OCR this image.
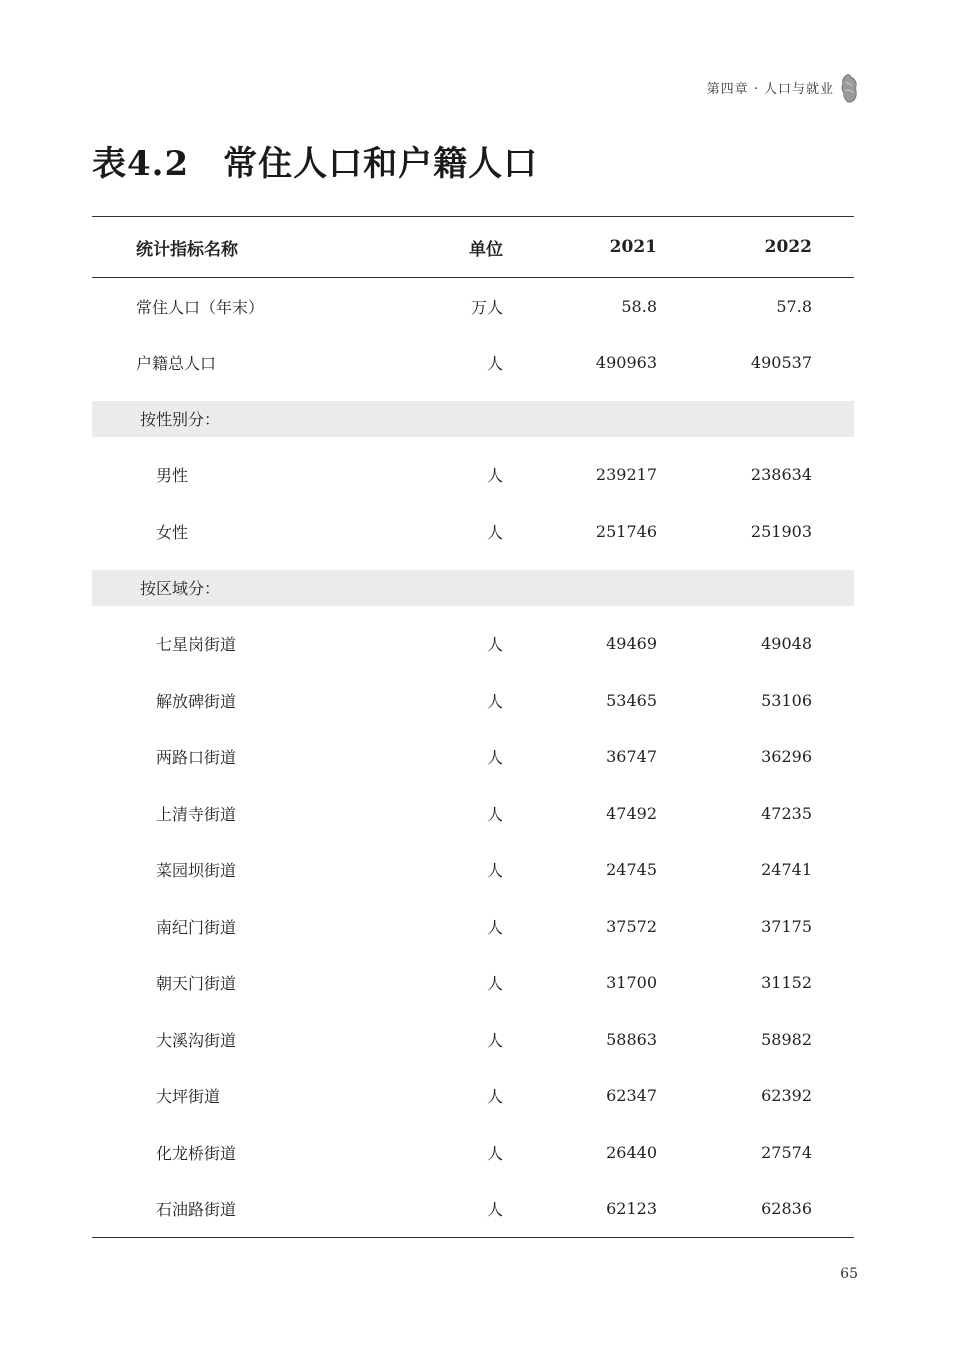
第四章 · 人口与就业
表4.2 常住人口和户籍人口
统计指标名称	单位	2021	2022
常住人口（年末）	万人	58.8	57.8
户籍总人口	人	490963	490537

按性别分：			

男性	人	239217	238634
女性	人	251746	251903

按区域分：			

七星岗街道	人	49469	49048
解放碑街道	人	53465	53106
两路口街道	人	36747	36296
上清寺街道	人	47492	47235
菜园坝街道	人	24745	24741
南纪门街道	人	37572	37175
朝天门街道	人	31700	31152
大溪沟街道	人	58863	58982
大坪街道	人	62347	62392
化龙桥街道	人	26440	27574
石油路街道	人	62123	62836
65
